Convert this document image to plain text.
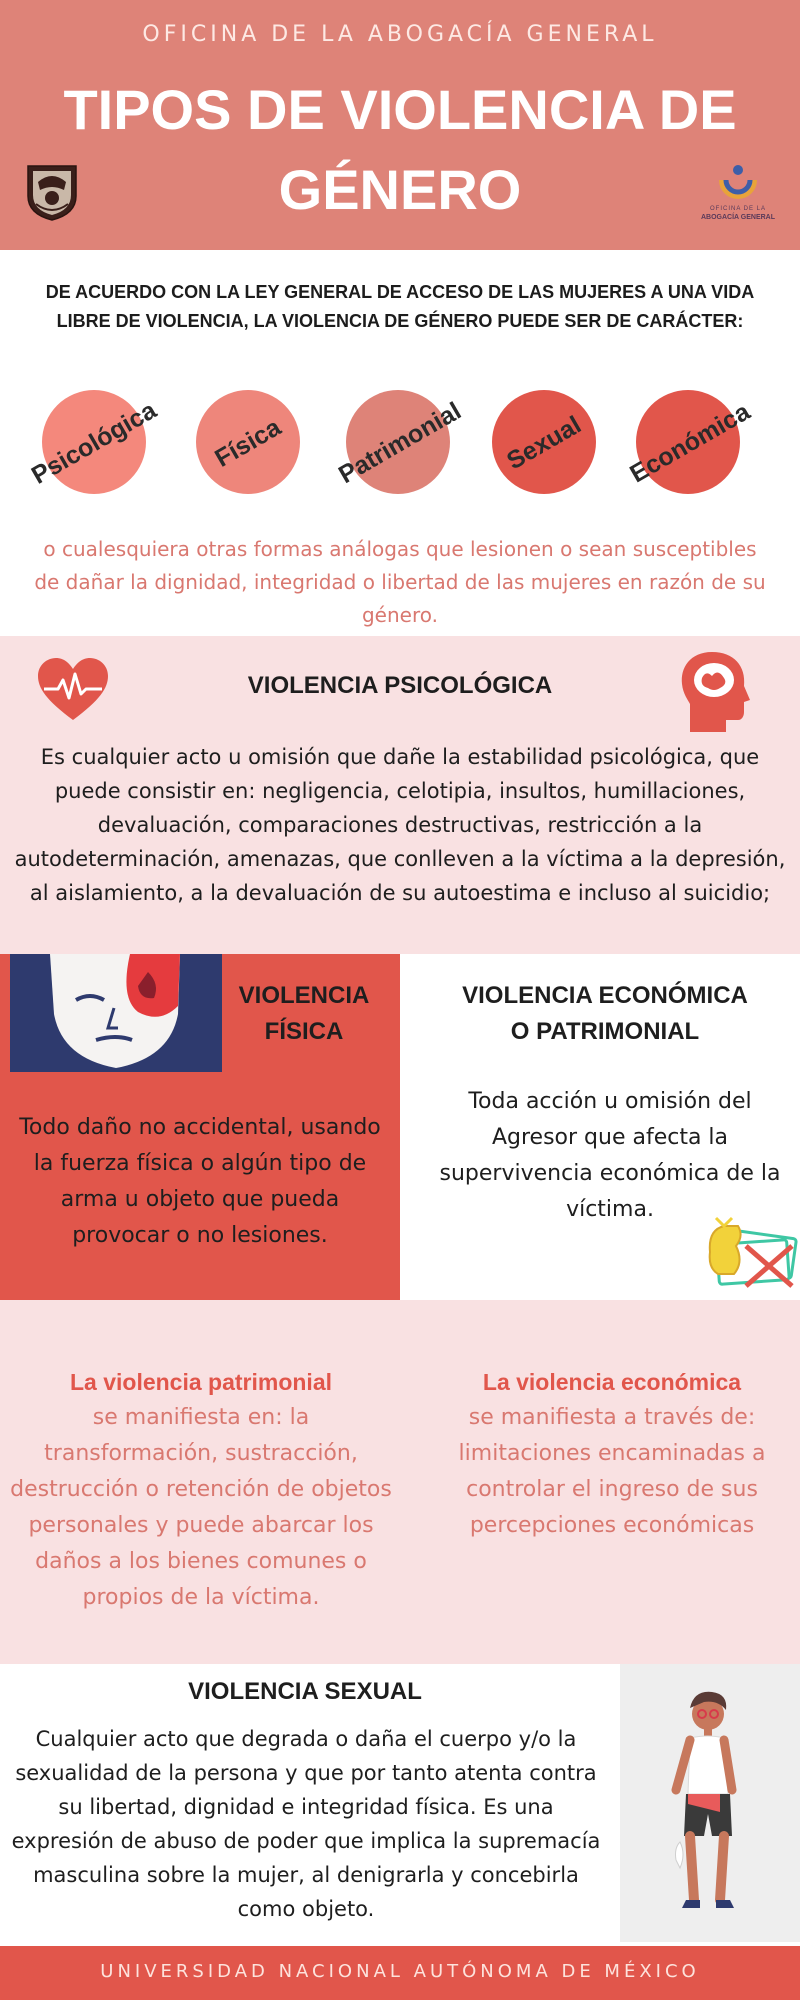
OFICINA DE LA ABOGACÍA GENERAL
TIPOS DE VIOLENCIA DE GÉNERO	OFICINA DE LA
ABOGACÍA GENERAL
DE ACUERDO CON LA LEY GENERAL DE ACCESO DE LAS MUJERES A UNA VIDA LIBRE DE VIOLENCIA, LA VIOLENCIA DE GÉNERO PUEDE SER DE CARÁCTER:
Psicológica	Física	Patrimonial	Sexual	Económica
o cualesquiera otras formas análogas que lesionen o sean susceptibles de dañar la dignidad, integridad o libertad de las mujeres en razón de su género.
VIOLENCIA PSICOLÓGICA
Es cualquier acto u omisión que dañe la estabilidad psicológica, que puede consistir en: negligencia, celotipia, insultos, humillaciones, devaluación, comparaciones destructivas, restricción a la autodeterminación, amenazas, que conlleven a la víctima a la depresión, al aislamiento, a la devaluación de su autoestima e incluso al suicidio;
VIOLENCIA
FÍSICA
Todo daño no accidental, usando la fuerza física o algún tipo de arma u objeto que pueda provocar o no lesiones.
VIOLENCIA ECONÓMICA
O PATRIMONIAL
Toda acción u omisión del Agresor que afecta la supervivencia económica de la víctima.
La violencia patrimonial
se manifiesta en: la transformación, sustracción, destrucción o retención de objetos personales y puede abarcar los daños a los bienes comunes o propios de la víctima.
La violencia económica
se manifiesta a través de: limitaciones encaminadas a controlar el ingreso de sus percepciones económicas
VIOLENCIA SEXUAL
Cualquier acto que degrada o daña el cuerpo y/o la sexualidad de la persona y que por tanto atenta contra su libertad, dignidad e integridad física. Es una expresión de abuso de poder que implica la supremacía masculina sobre la mujer, al denigrarla y concebirla como objeto.
UNIVERSIDAD NACIONAL AUTÓNOMA DE MÉXICO
